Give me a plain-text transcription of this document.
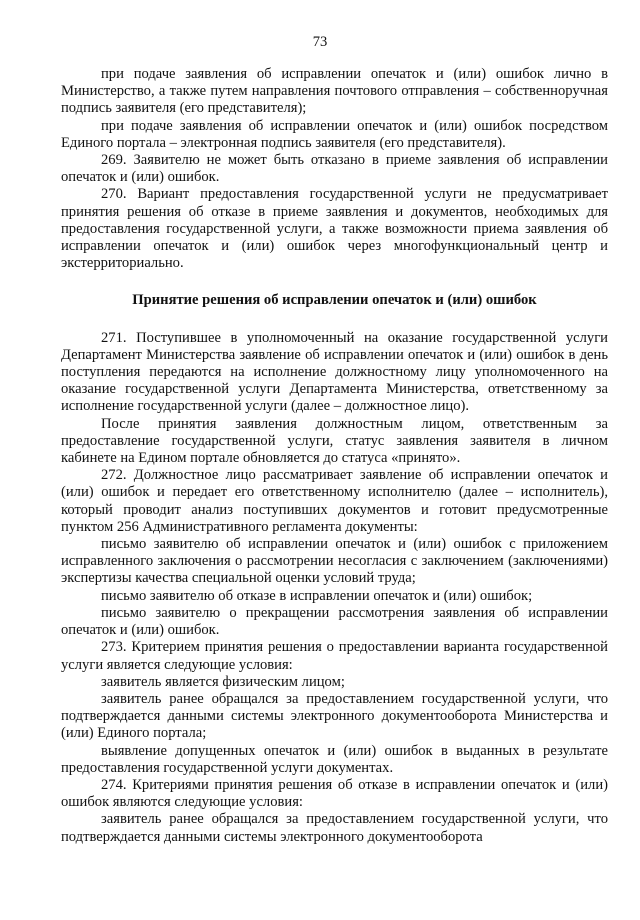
73

при подаче заявления об исправлении опечаток и (или) ошибок лично в Министерство, а также путем направления почтового отправления – собственноручная подпись заявителя (его представителя);

при подаче заявления об исправлении опечаток и (или) ошибок посредством Единого портала – электронная подпись заявителя (его представителя).

269. Заявителю не может быть отказано в приеме заявления об исправлении опечаток и (или) ошибок.

270. Вариант предоставления государственной услуги не предусматривает принятия решения об отказе в приеме заявления и документов, необходимых для предоставления государственной услуги, а также возможности приема заявления об исправлении опечаток и (или) ошибок через многофункциональный центр и экстерриториально.

Принятие решения об исправлении опечаток и (или) ошибок

271. Поступившее в уполномоченный на оказание государственной услуги Департамент Министерства заявление об исправлении опечаток и (или) ошибок в день поступления передаются на исполнение должностному лицу уполномоченного на оказание государственной услуги Департамента Министерства, ответственному за исполнение государственной услуги (далее – должностное лицо).

После принятия заявления должностным лицом, ответственным за предоставление государственной услуги, статус заявления заявителя в личном кабинете на Едином портале обновляется до статуса «принято».

272. Должностное лицо рассматривает заявление об исправлении опечаток и (или) ошибок и передает его ответственному исполнителю (далее – исполнитель), который проводит анализ поступивших документов и готовит предусмотренные пунктом 256 Административного регламента документы:

письмо заявителю об исправлении опечаток и (или) ошибок с приложением исправленного заключения о рассмотрении несогласия с заключением (заключениями) экспертизы качества специальной оценки условий труда;

письмо заявителю об отказе в исправлении опечаток и (или) ошибок;

письмо заявителю о прекращении рассмотрения заявления об исправлении опечаток и (или) ошибок.

273. Критерием принятия решения о предоставлении варианта государственной услуги является следующие условия:

заявитель является физическим лицом;

заявитель ранее обращался за предоставлением государственной услуги, что подтверждается данными системы электронного документооборота Министерства и (или) Единого портала;

выявление допущенных опечаток и (или) ошибок в выданных в результате предоставления государственной услуги документах.

274. Критериями принятия решения об отказе в исправлении опечаток и (или) ошибок являются следующие условия:

заявитель ранее обращался за предоставлением государственной услуги, что подтверждается данными системы электронного документооборота
